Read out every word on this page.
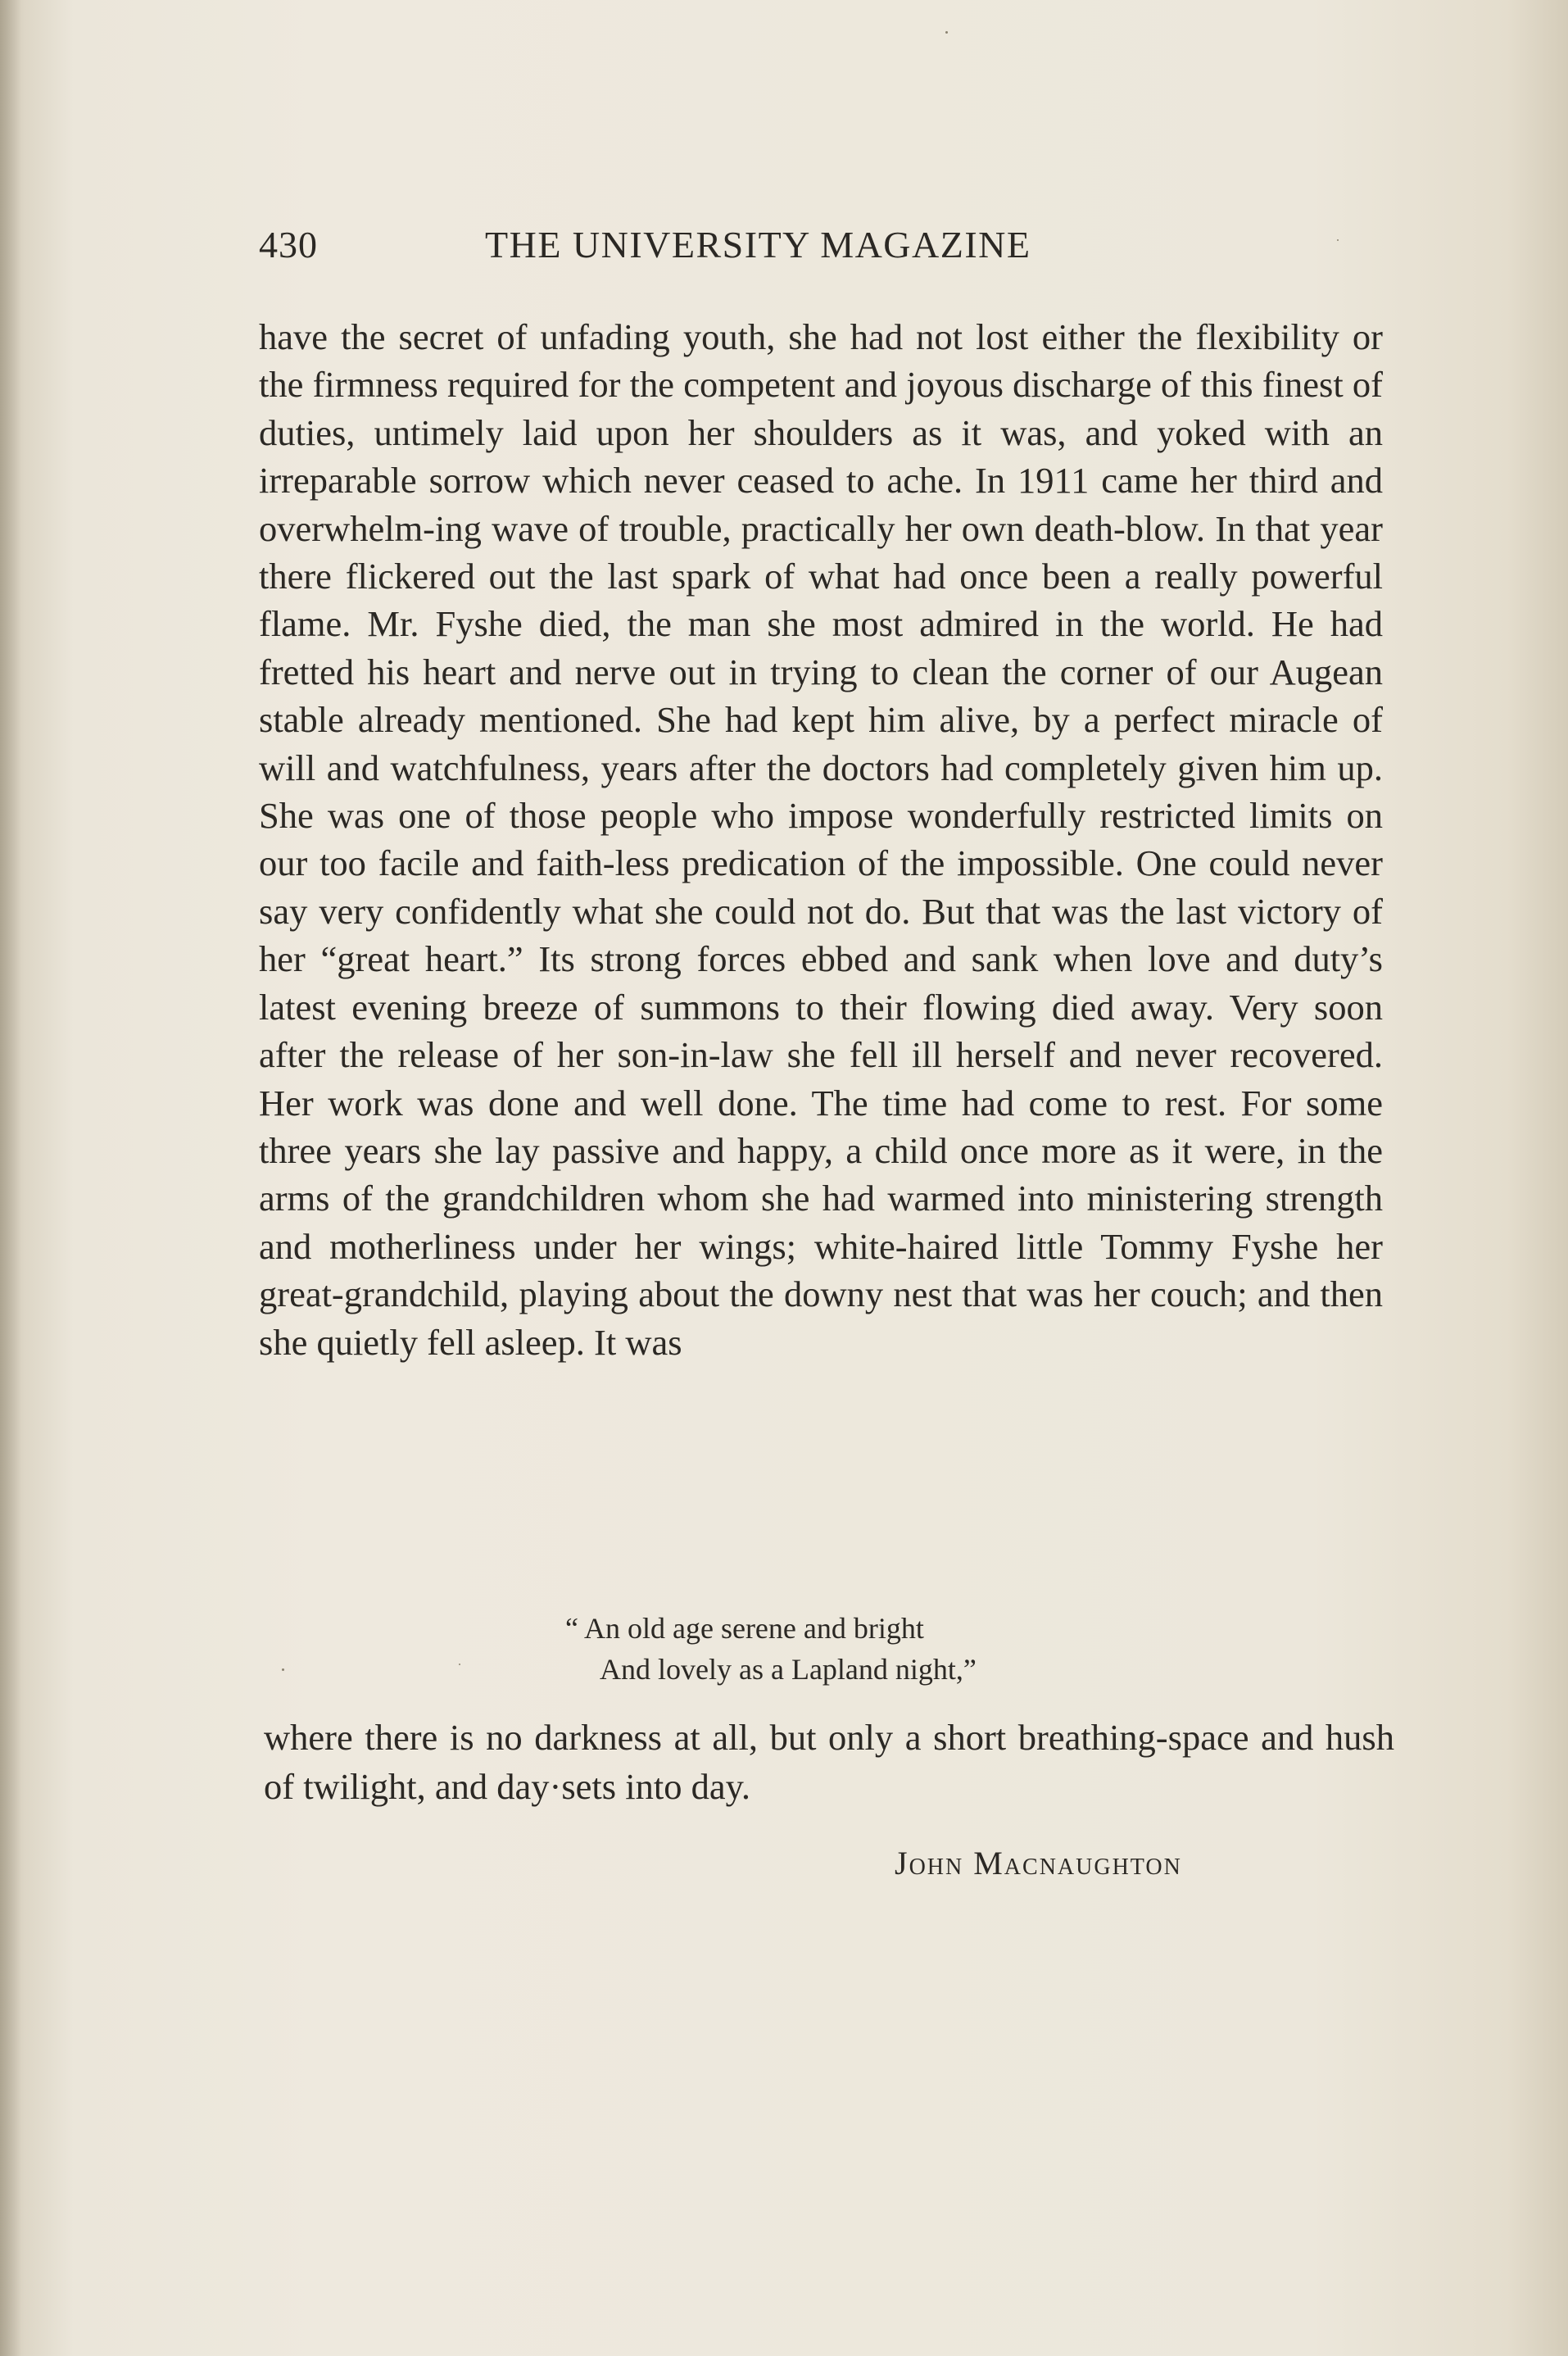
430	THE UNIVERSITY MAGAZINE

have the secret of unfading youth, she had not lost either the flexibility or the firmness required for the competent and joyous discharge of this finest of duties, untimely laid upon her shoulders as it was, and yoked with an irreparable sorrow which never ceased to ache. In 1911 came her third and overwhelm-ing wave of trouble, practically her own death-blow. In that year there flickered out the last spark of what had once been a really powerful flame. Mr. Fyshe died, the man she most admired in the world. He had fretted his heart and nerve out in trying to clean the corner of our Augean stable already mentioned. She had kept him alive, by a perfect miracle of will and watchfulness, years after the doctors had completely given him up. She was one of those people who impose wonderfully restricted limits on our too facile and faith-less predication of the impossible. One could never say very confidently what she could not do. But that was the last victory of her “great heart.” Its strong forces ebbed and sank when love and duty’s latest evening breeze of summons to their flowing died away. Very soon after the release of her son-in-law she fell ill herself and never recovered. Her work was done and well done. The time had come to rest. For some three years she lay passive and happy, a child once more as it were, in the arms of the grandchildren whom she had warmed into ministering strength and motherliness under her wings; white-haired little Tommy Fyshe her great-grandchild, playing about the downy nest that was her couch; and then she quietly fell asleep. It was

“ An old age serene and bright
And lovely as a Lapland night,”

where there is no darkness at all, but only a short breathing-space and hush of twilight, and day·sets into day.

John Macnaughton
